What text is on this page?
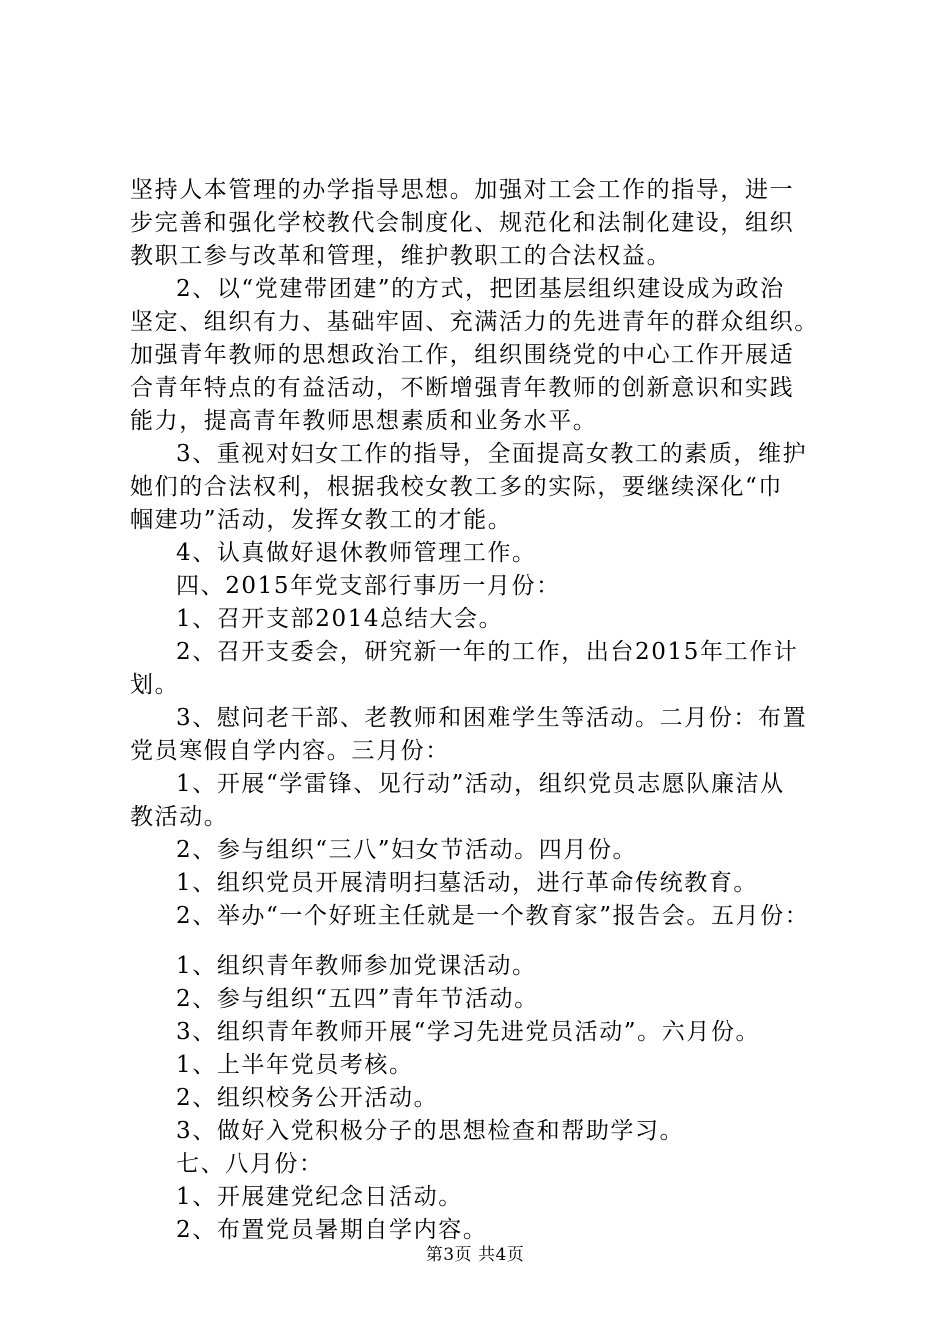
坚持人本管理的办学指导思想。加强对工会工作的指导，进一
步完善和强化学校教代会制度化、规范化和法制化建设，组织
教职工参与改革和管理，维护教职工的合法权益。
2、以“党建带团建”的方式，把团基层组织建设成为政治
坚定、组织有力、基础牢固、充满活力的先进青年的群众组织。
加强青年教师的思想政治工作，组织围绕党的中心工作开展适
合青年特点的有益活动，不断增强青年教师的创新意识和实践
能力，提高青年教师思想素质和业务水平。
3、重视对妇女工作的指导，全面提高女教工的素质，维护
她们的合法权利，根据我校女教工多的实际，要继续深化“巾
帼建功”活动，发挥女教工的才能。
4、认真做好退休教师管理工作。
四、2015年党支部行事历一月份：
1、召开支部2014总结大会。
2、召开支委会，研究新一年的工作，出台2015年工作计
划。
3、慰问老干部、老教师和困难学生等活动。二月份：布置
党员寒假自学内容。三月份：
1、开展“学雷锋、见行动”活动，组织党员志愿队廉洁从
教活动。
2、参与组织“三八”妇女节活动。四月份。
1、组织党员开展清明扫墓活动，进行革命传统教育。
2、举办“一个好班主任就是一个教育家”报告会。五月份：
1、组织青年教师参加党课活动。
2、参与组织“五四”青年节活动。
3、组织青年教师开展“学习先进党员活动”。六月份。
1、上半年党员考核。
2、组织校务公开活动。
3、做好入党积极分子的思想检查和帮助学习。
七、八月份：
1、开展建党纪念日活动。
2、布置党员暑期自学内容。
第3页 共4页
